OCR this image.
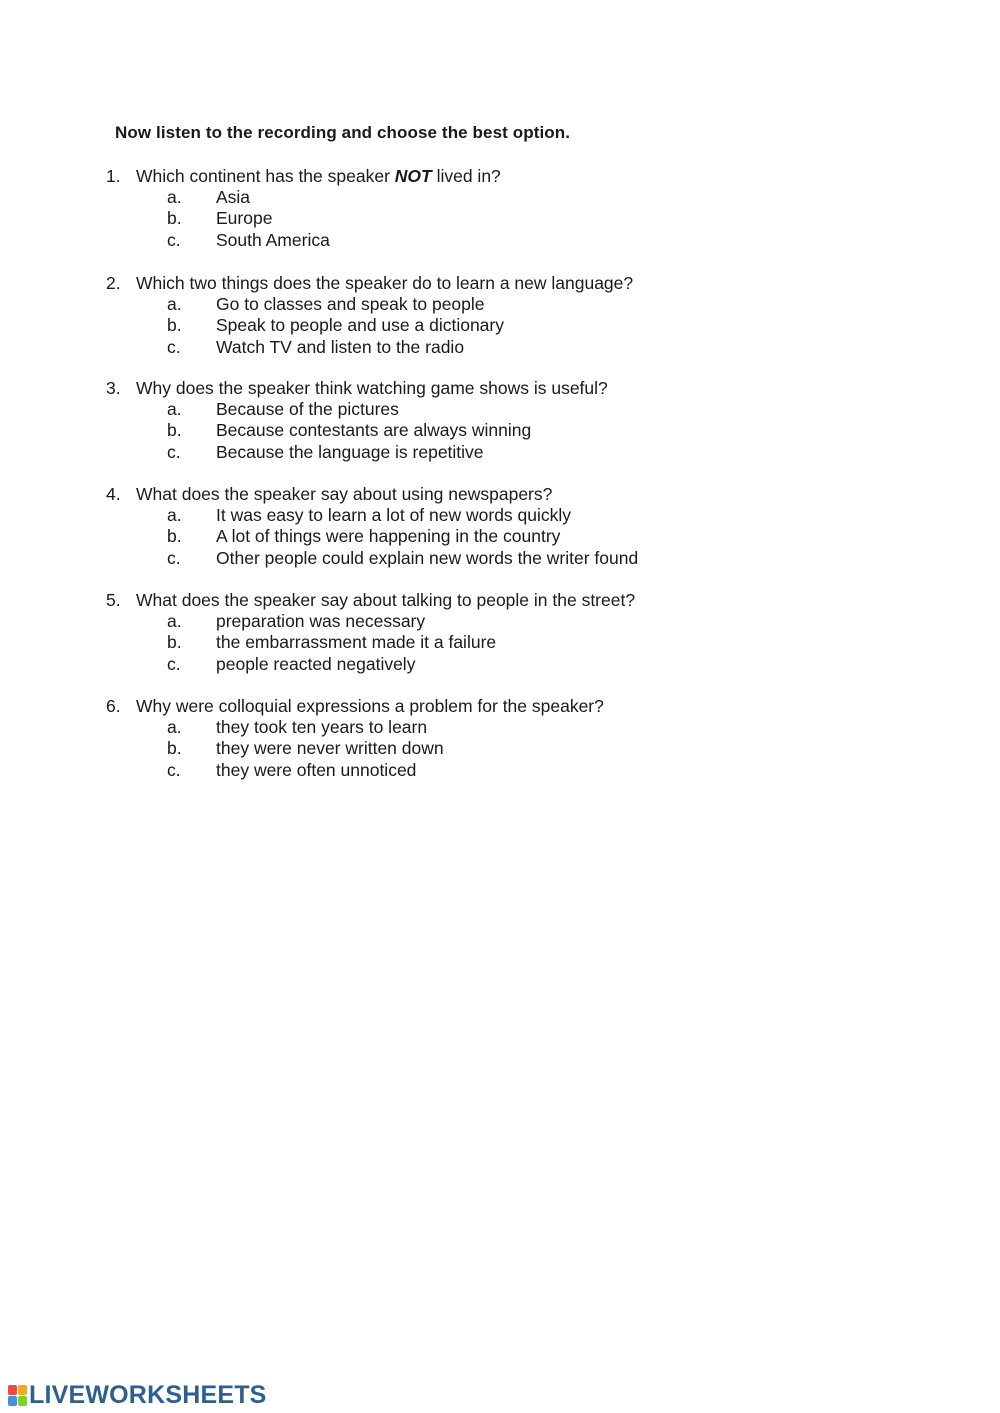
Now listen to the recording and choose the best option.
1. Which continent has the speaker NOT lived in?
a. Asia
b. Europe
c. South America
2. Which two things does the speaker do to learn a new language?
a. Go to classes and speak to people
b. Speak to people and use a dictionary
c. Watch TV and listen to the radio
3. Why does the speaker think watching game shows is useful?
a. Because of the pictures
b. Because contestants are always winning
c. Because the language is repetitive
4. What does the speaker say about using newspapers?
a. It was easy to learn a lot of new words quickly
b. A lot of things were happening in the country
c. Other people could explain new words the writer found
5. What does the speaker say about talking to people in the street?
a. preparation was necessary
b. the embarrassment made it a failure
c. people reacted negatively
6. Why were colloquial expressions a problem for the speaker?
a. they took ten years to learn
b. they were never written down
c. they were often unnoticed
LIVEWORKSHEETS
